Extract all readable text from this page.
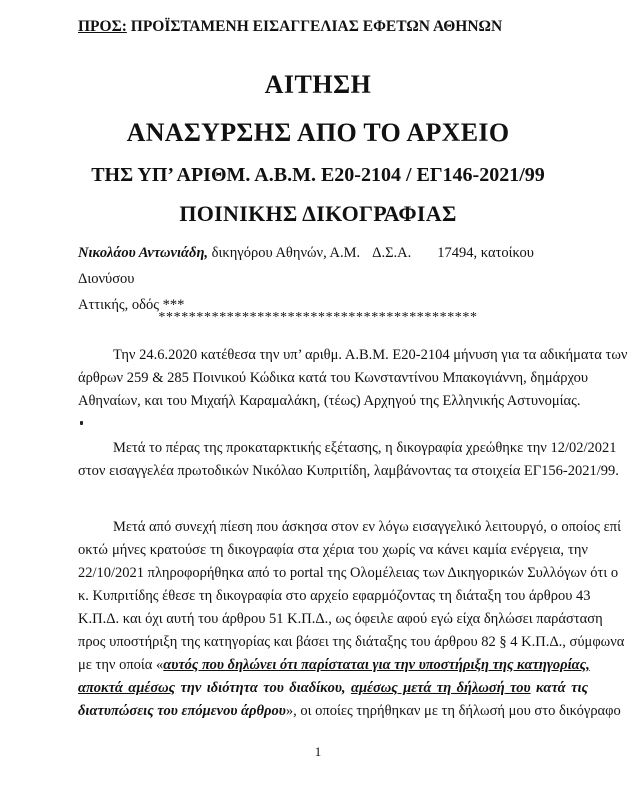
ΠΡΟΣ: ΠΡΟΪΣΤΑΜΕΝΗ ΕΙΣΑΓΓΕΛΙΑΣ ΕΦΕΤΩΝ ΑΘΗΝΩΝ
ΑΙΤΗΣΗ
ΑΝΑΣΥΡΣΗΣ ΑΠΟ ΤΟ ΑΡΧΕΙΟ
ΤΗΣ ΥΠ’ ΑΡΙΘΜ. Α.Β.Μ. Ε20-2104 / ΕΓ146-2021/99
ΠΟΙΝΙΚΗΣ ΔΙΚΟΓΡΑΦΙΑΣ
Νικολάου Αντωνιάδη, δικηγόρου Αθηνών, Α.Μ. Δ.Σ.Α. 17494, κατοίκου Διονύσου
Αττικής, οδός ***
******************************************
Την 24.6.2020 κατέθεσα την υπ’ αριθμ. Α.Β.Μ. Ε20-2104 μήνυση για τα αδικήματα των
άρθρων 259 & 285 Ποινικού Κώδικα κατά του Κωνσταντίνου Μπακογιάννη, δημάρχου
Αθηναίων, και του Μιχαήλ Καραμαλάκη, (τέως) Αρχηγού της Ελληνικής Αστυνομίας.
Μετά το πέρας της προκαταρκτικής εξέτασης, η δικογραφία χρεώθηκε την 12/02/2021
στον εισαγγελέα πρωτοδικών Νικόλαο Κυπριτίδη, λαμβάνοντας τα στοιχεία ΕΓ156-2021/99.
Μετά από συνεχή πίεση που άσκησα στον εν λόγω εισαγγελικό λειτουργό, ο οποίος επί
οκτώ μήνες κρατούσε τη δικογραφία στα χέρια του χωρίς να κάνει καμία ενέργεια, την
22/10/2021 πληροφορήθηκα από το portal της Ολομέλειας των Δικηγορικών Συλλόγων ότι ο
κ. Κυπριτίδης έθεσε τη δικογραφία στο αρχείο εφαρμόζοντας τη διάταξη του άρθρου 43
Κ.Π.Δ. και όχι αυτή του άρθρου 51 Κ.Π.Δ., ως όφειλε αφού εγώ είχα δηλώσει παράσταση
προς υποστήριξη της κατηγορίας και βάσει της διάταξης του άρθρου 82 § 4 Κ.Π.Δ., σύμφωνα
με την οποία «αυτός που δηλώνει ότι παρίσταται για την υποστήριξη της κατηγορίας,
αποκτά αμέσως την ιδιότητα του διαδίκου, αμέσως μετά τη δήλωσή του κατά τις
διατυπώσεις του επόμενου άρθρου», οι οποίες τηρήθηκαν με τη δήλωσή μου στο δικόγραφο
1
